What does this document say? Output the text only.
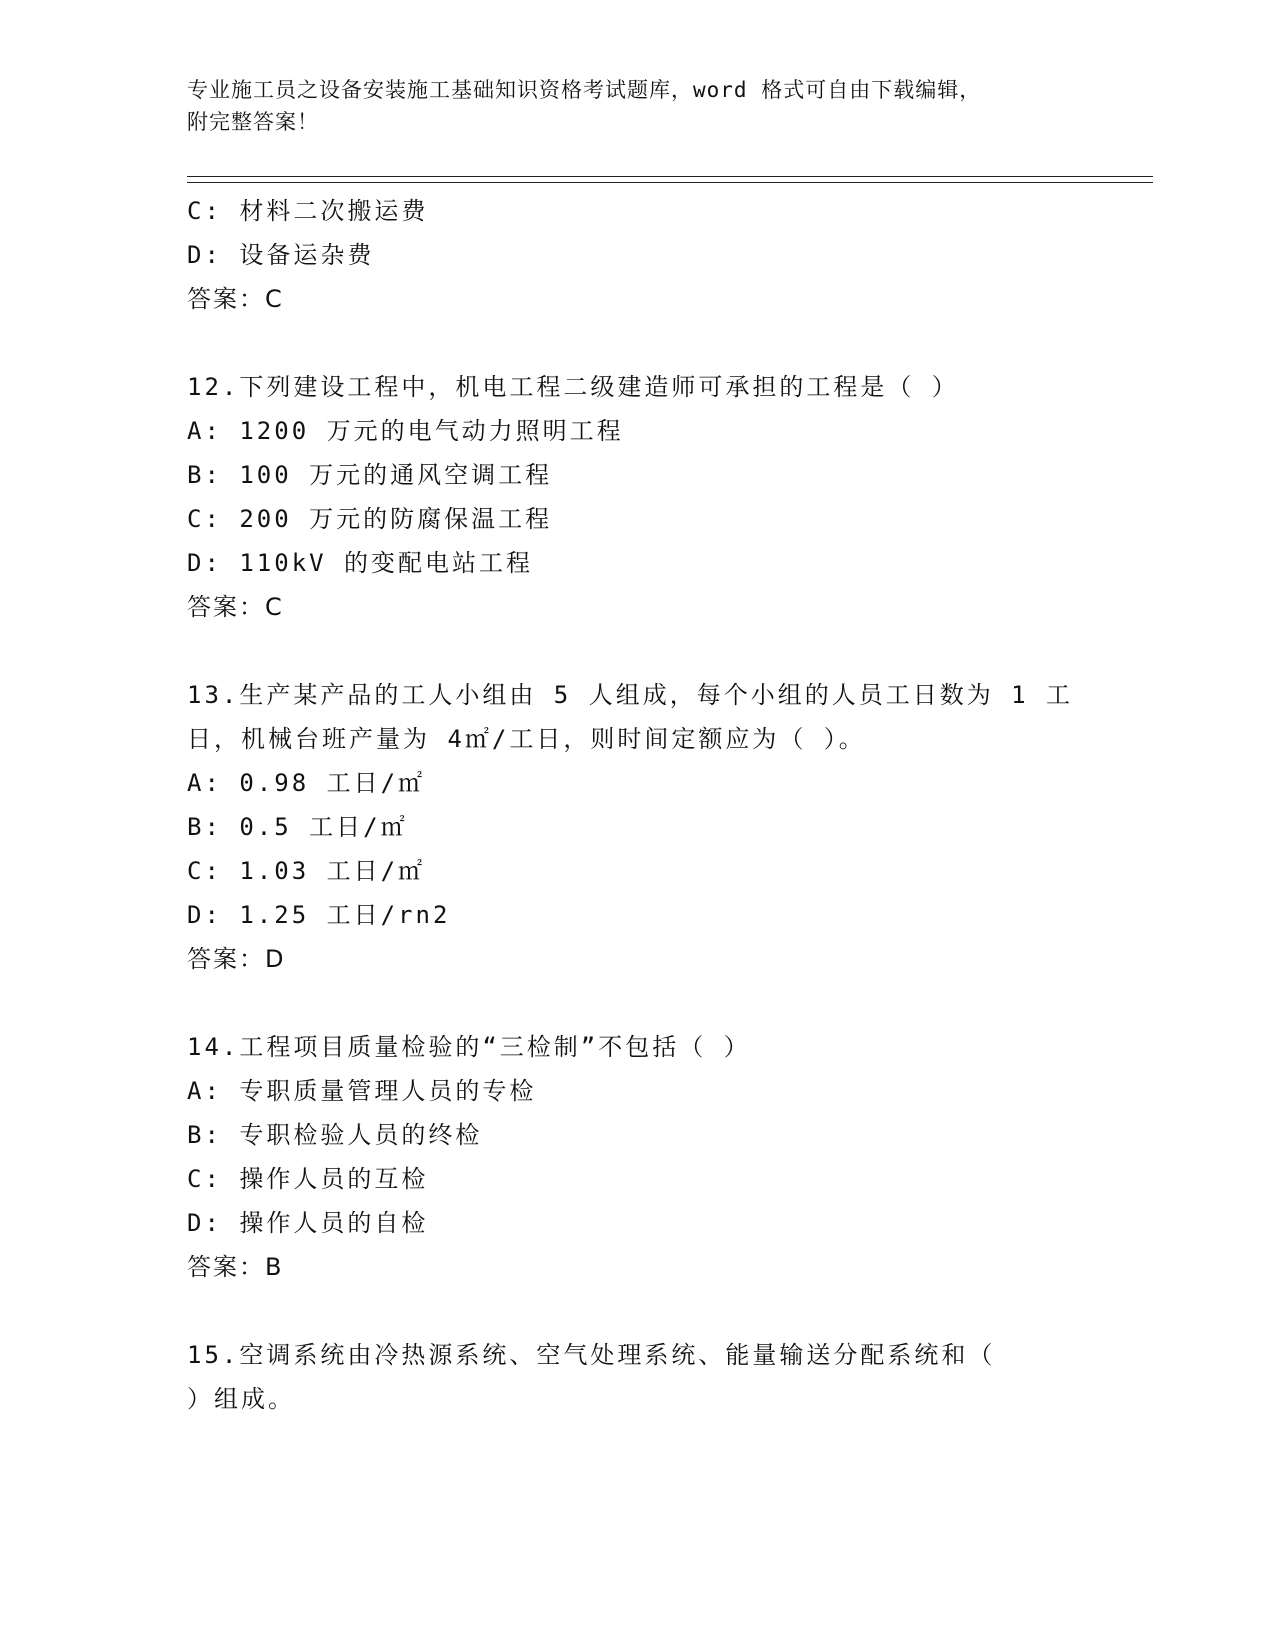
专业施工员之设备安装施工基础知识资格考试题库，word 格式可自由下载编辑，
附完整答案！
C: 材料二次搬运费
D: 设备运杂费
答案：C
12.下列建设工程中，机电工程二级建造师可承担的工程是（ ）
A: 1200 万元的电气动力照明工程
B: 100 万元的通风空调工程
C: 200 万元的防腐保温工程
D: 110kV 的变配电站工程
答案：C
13.生产某产品的工人小组由 5 人组成，每个小组的人员工日数为 1 工
日，机械台班产量为 4㎡/工日，则时间定额应为（ ）。
A: 0.98 工日/㎡
B: 0.5 工日/㎡
C: 1.03 工日/㎡
D: 1.25 工日/rn2
答案：D
14.工程项目质量检验的“三检制”不包括（ ）
A: 专职质量管理人员的专检
B: 专职检验人员的终检
C: 操作人员的互检
D: 操作人员的自检
答案：B
15.空调系统由冷热源系统、空气处理系统、能量输送分配系统和（
）组成。
